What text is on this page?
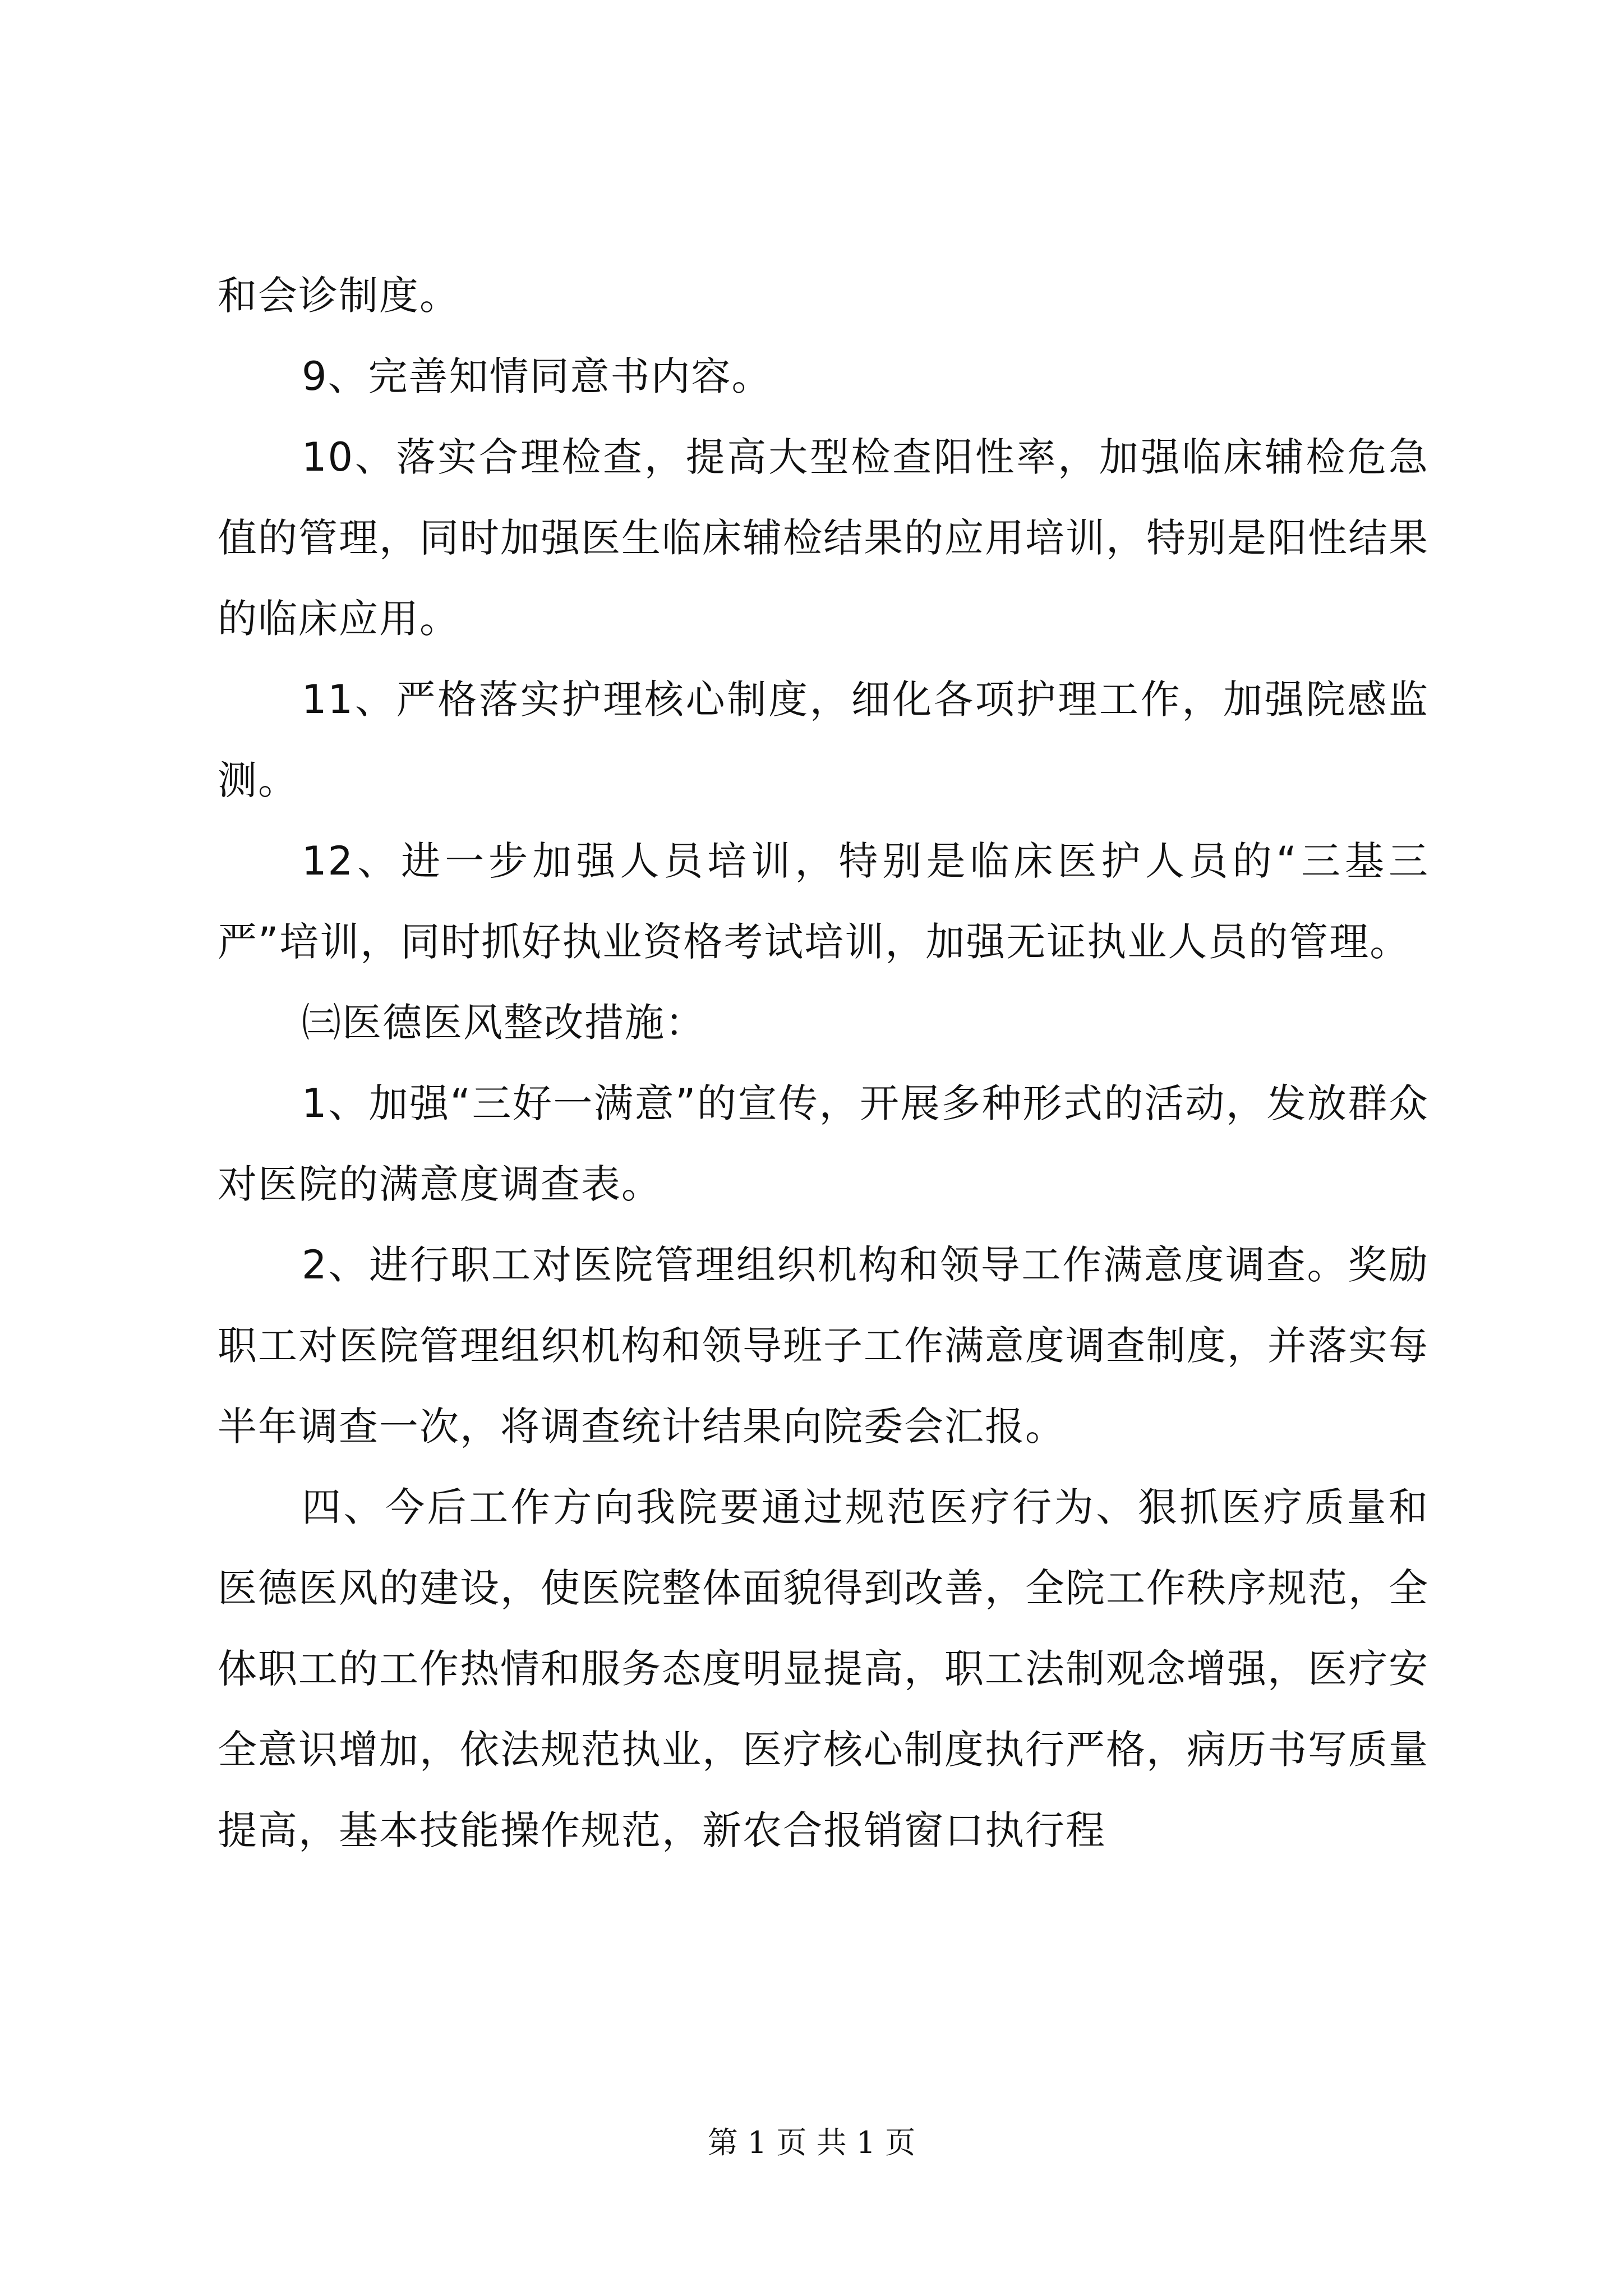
和会诊制度。

9、完善知情同意书内容。

10、落实合理检查，提高大型检查阳性率，加强临床辅检危急值的管理，同时加强医生临床辅检结果的应用培训，特别是阳性结果的临床应用。

11、严格落实护理核心制度，细化各项护理工作，加强院感监测。

12、进一步加强人员培训，特别是临床医护人员的“三基三严”培训，同时抓好执业资格考试培训，加强无证执业人员的管理。

㈢医德医风整改措施：

1、加强“三好一满意”的宣传，开展多种形式的活动，发放群众对医院的满意度调查表。

2、进行职工对医院管理组织机构和领导工作满意度调查。奖励职工对医院管理组织机构和领导班子工作满意度调查制度，并落实每半年调查一次，将调查统计结果向院委会汇报。

四、今后工作方向我院要通过规范医疗行为、狠抓医疗质量和医德医风的建设，使医院整体面貌得到改善，全院工作秩序规范，全体职工的工作热情和服务态度明显提高，职工法制观念增强，医疗安全意识增加，依法规范执业，医疗核心制度执行严格，病历书写质量提高，基本技能操作规范，新农合报销窗口执行程

第 1 页 共 1 页
